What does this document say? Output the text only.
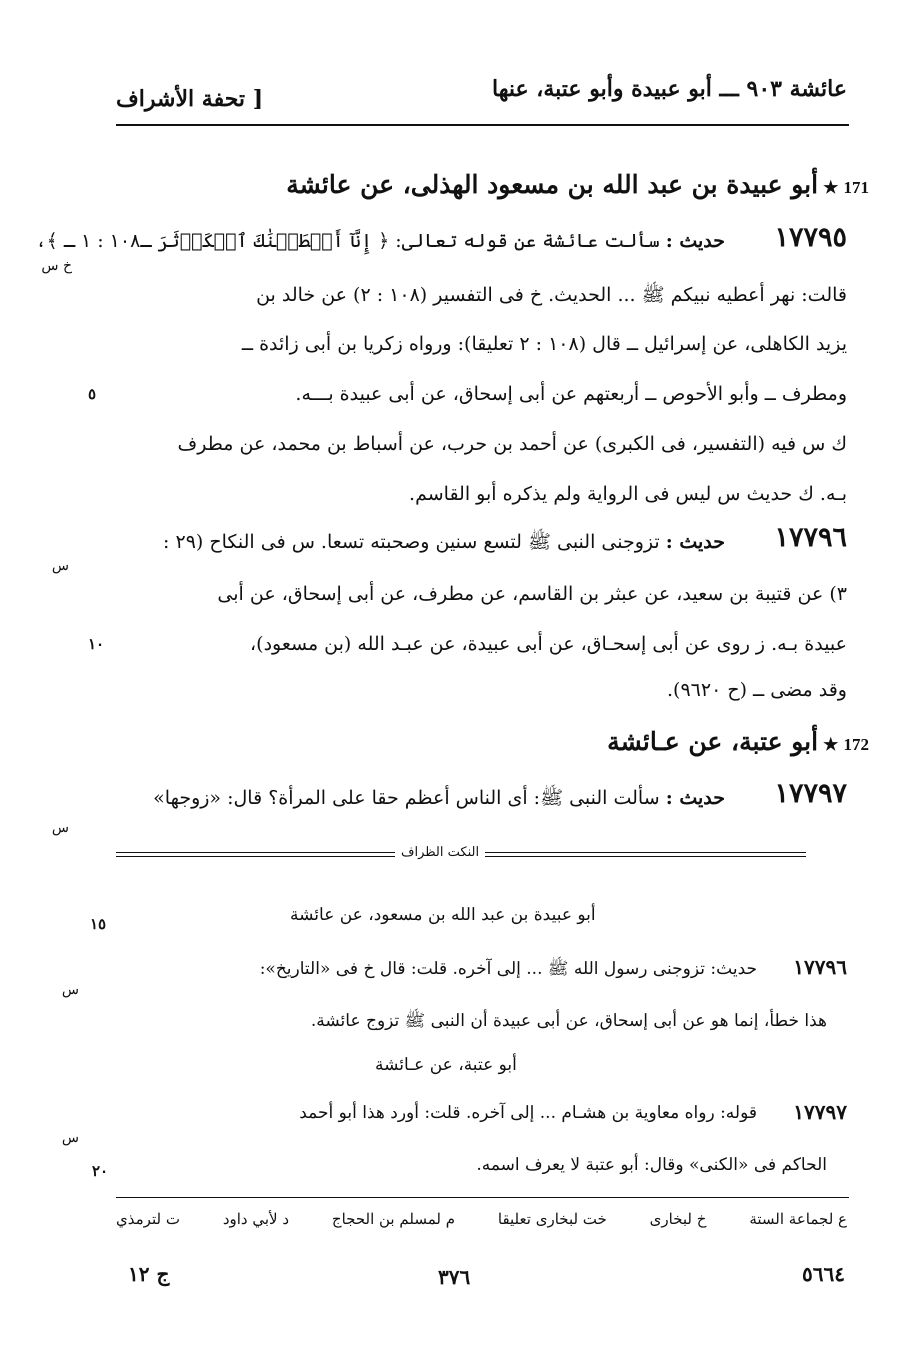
عائشة ٩٠٣ ـــ أبو عبيدة وأبو عتبة، عنها
[ تحفة الأشراف
171 ★ أبو عبيدة بن عبد الله بن مسعود الهذلى، عن عائشة
١٧٧٩٥
حديث : سألت عائشة عن قوله تعالى: ﴿ إِنَّآ أَعۡطَيۡنَٰكَ ٱلۡكَوۡثَرَ ـ١٠٨ : ١ ـ ﴾،
خ س
قالت: نهر أعطيه نبيكم ﷺ ... الحديث. خ فى التفسير (١٠٨ : ٢) عن خالد بن
يزيد الكاهلى، عن إسرائيل ــ قال (١٠٨ : ٢ تعليقا): ورواه زكريا بن أبى زائدة ــ
ومطرف ــ وأبو الأحوص ــ أربعتهم عن أبى إسحاق، عن أبى عبيدة بـــه.
٥
ﻙ س فيه (التفسير، فى الكبرى) عن أحمد بن حرب، عن أسباط بن محمد، عن مطرف
بـه. ﻙ حديث س ليس فى الرواية ولم يذكره أبو القاسم.
١٧٧٩٦
حديث : تزوجنى النبى ﷺ لتسع سنين وصحبته تسعا. س فى النكاح (٢٩ :
س
٣) عن قتيبة بن سعيد، عن عبثر بن القاسم، عن مطرف، عن أبى إسحاق، عن أبى
عبيدة بـه. ز روى عن أبى إسحـاق، عن أبى عبيدة، عن عبـد الله (بن مسعود)،
١٠
وقد مضى ــ (ح ٩٦٢٠).
172 ★ أبو عتبة، عن عـائشة
١٧٧٩٧
حديث : سألت النبى ﷺ: أى الناس أعظم حقا على المرأة؟ قال: «زوجها»
س
النكت الظراف
أبو عبيدة بن عبد الله بن مسعود، عن عائشة
١٥
١٧٧٩٦
حديث: تزوجنى رسول الله ﷺ ... إلى آخره. قلت: قال خ فى «التاريخ»:
س
هذا خطأ، إنما هو عن أبى إسحاق، عن أبى عبيدة أن النبى ﷺ تزوج عائشة.
أبو عتبة، عن عـائشة
١٧٧٩٧
قوله: رواه معاوية بن هشـام ... إلى آخره. قلت: أورد هذا أبو أحمد
س
الحاكم فى «الكنى» وقال: أبو عتبة لا يعرف اسمه.
٢٠
ع لجماعة الستة
خ لبخارى
خت لبخارى تعليقا
م لمسلم بن الحجاج
د لأبي داود
ت لترمذي
٥٦٦٤
٣٧٦
ج ١٢
